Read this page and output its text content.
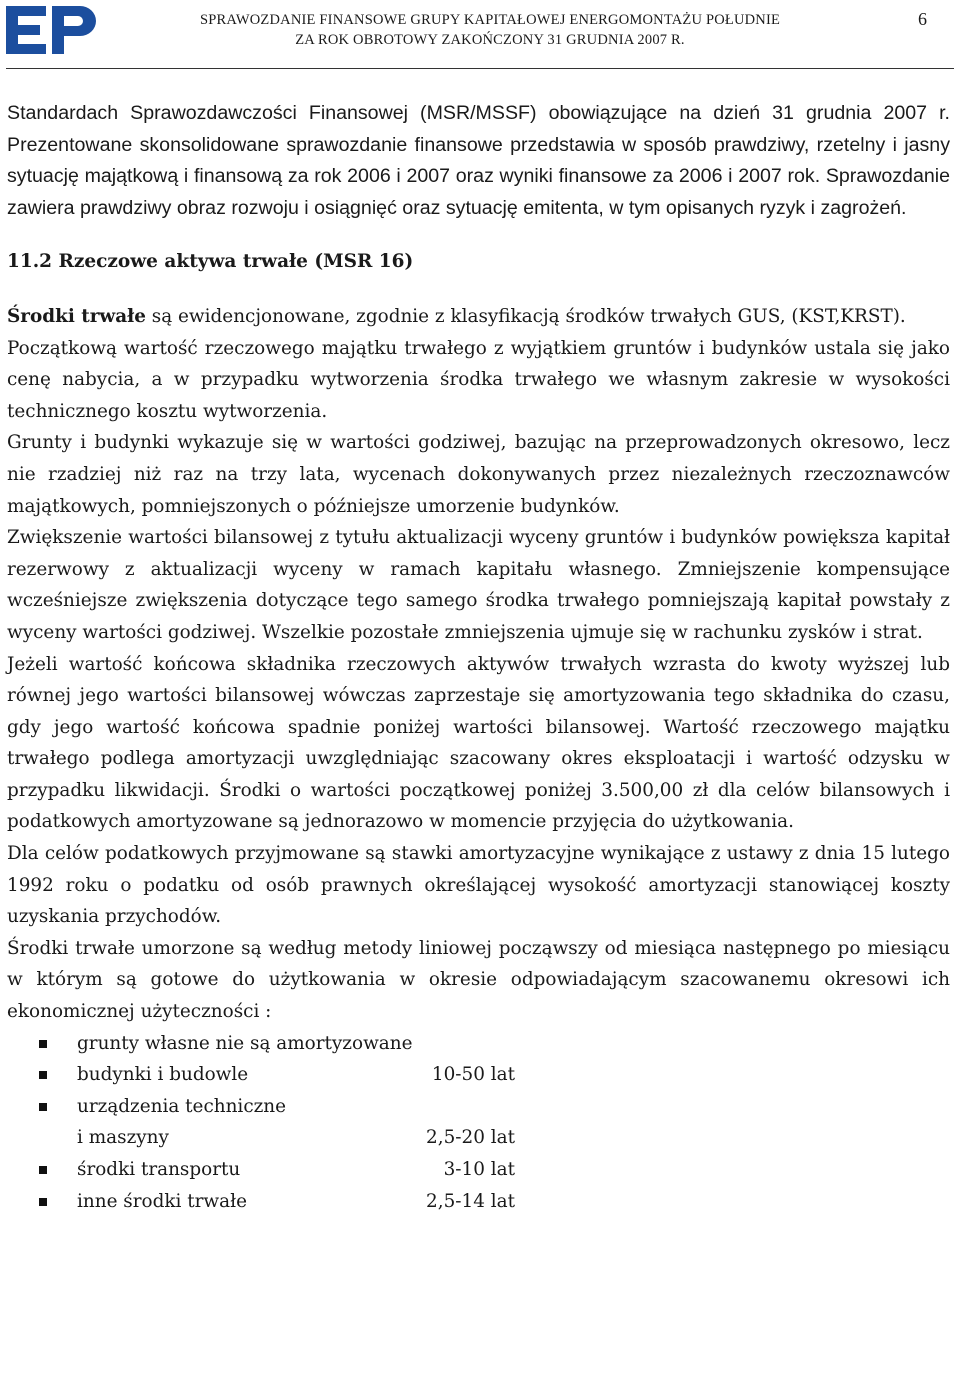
SPRAWOZDANIE FINANSOWE GRUPY KAPITAŁOWEJ ENERGOMONTAŻU POŁUDNIE
ZA ROK OBROTOWY ZAKOŃCZONY 31 GRUDNIA 2007 R.
6

Standardach Sprawozdawczości Finansowej (MSR/MSSF) obowiązujące na dzień 31 grudnia 2007 r. Prezentowane skonsolidowane sprawozdanie finansowe przedstawia w sposób prawdziwy, rzetelny i jasny sytuację majątkową i finansową za rok 2006 i 2007 oraz wyniki finansowe za 2006 i 2007 rok. Sprawozdanie zawiera prawdziwy obraz rozwoju i osiągnięć oraz sytuację emitenta, w tym opisanych ryzyk i zagrożeń.

11.2 Rzeczowe aktywa trwałe (MSR 16)

Środki trwałe są ewidencjonowane, zgodnie z klasyfikacją środków trwałych GUS, (KST,KRST).

Początkową wartość rzeczowego majątku trwałego z wyjątkiem gruntów i budynków ustala się jako cenę nabycia, a w przypadku wytworzenia środka trwałego we własnym zakresie w wysokości technicznego kosztu wytworzenia.

Grunty i budynki wykazuje się w wartości godziwej, bazując na przeprowadzonych okresowo, lecz nie rzadziej niż raz na trzy lata, wycenach dokonywanych przez niezależnych rzeczoznawców majątkowych, pomniejszonych o późniejsze umorzenie budynków.

Zwiększenie wartości bilansowej z tytułu aktualizacji wyceny gruntów i budynków powiększa kapitał rezerwowy z aktualizacji wyceny w ramach kapitału własnego. Zmniejszenie kompensujące wcześniejsze zwiększenia dotyczące tego samego środka trwałego pomniejszają kapitał powstały z wyceny wartości godziwej. Wszelkie pozostałe zmniejszenia ujmuje się w rachunku zysków i strat.

Jeżeli wartość końcowa składnika rzeczowych aktywów trwałych wzrasta do kwoty wyższej lub równej jego wartości bilansowej wówczas zaprzestaje się amortyzowania tego składnika do czasu, gdy jego wartość końcowa spadnie poniżej wartości bilansowej. Wartość rzeczowego majątku trwałego podlega amortyzacji uwzględniając szacowany okres eksploatacji i wartość odzysku w przypadku likwidacji. Środki o wartości początkowej poniżej 3.500,00 zł dla celów bilansowych i podatkowych amortyzowane są jednorazowo w momencie przyjęcia do użytkowania.

Dla celów podatkowych przyjmowane są stawki amortyzacyjne wynikające z ustawy z dnia 15 lutego 1992 roku o podatku od osób prawnych określającej wysokość amortyzacji stanowiącej koszty uzyskania przychodów.

Środki trwałe umorzone są według metody liniowej począwszy od miesiąca następnego po miesiącu w którym są gotowe do użytkowania w okresie odpowiadającym szacowanemu okresowi ich ekonomicznej użyteczności :

grunty własne nie są amortyzowane
budynki i budowle	10-50 lat
urządzenia techniczne
i maszyny	2,5-20 lat
środki transportu	3-10 lat
inne środki trwałe	2,5-14 lat
